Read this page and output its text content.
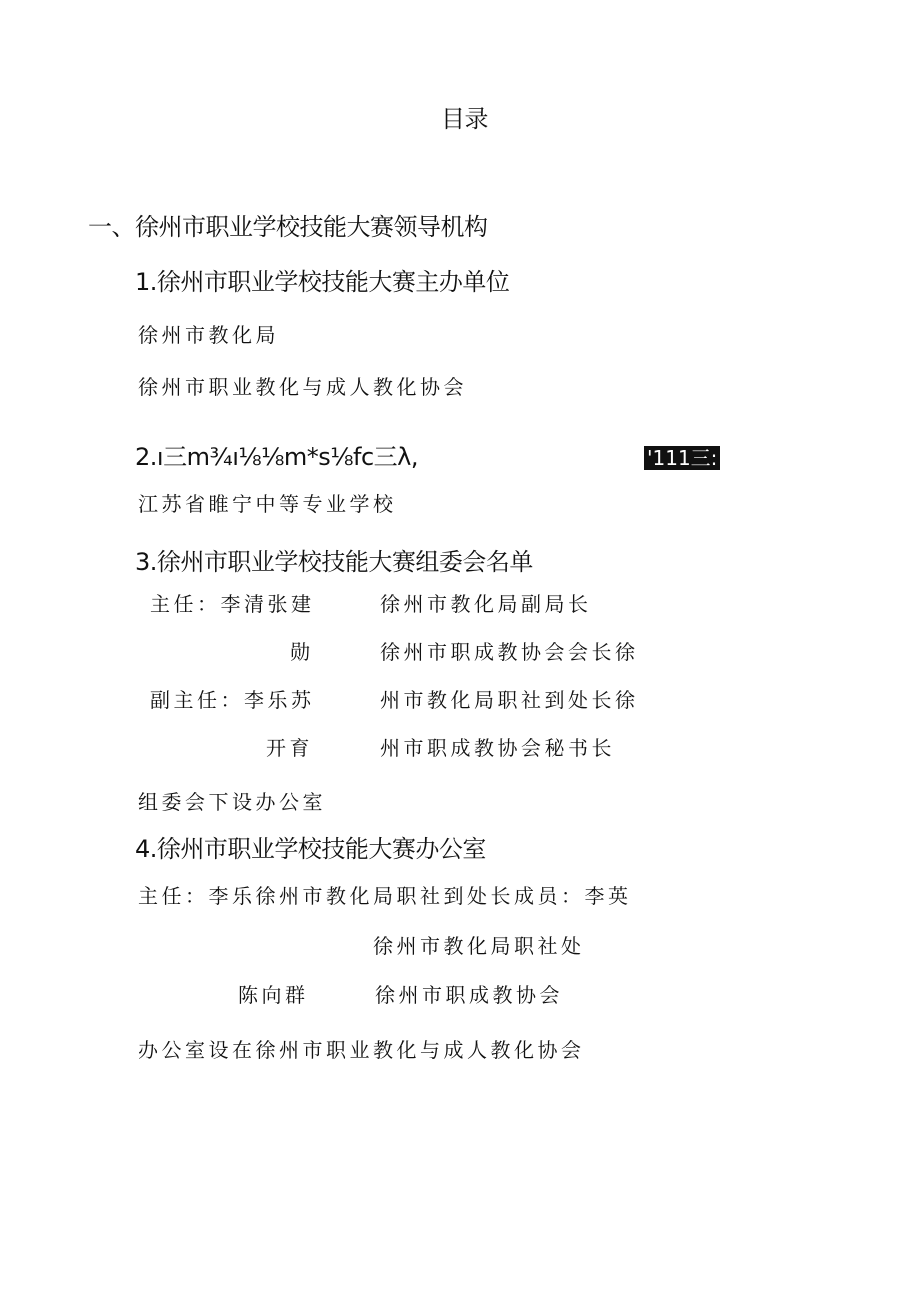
目录
一、徐州市职业学校技能大赛领导机构
1.徐州市职业学校技能大赛主办单位
徐州市教化局
徐州市职业教化与成人教化协会
2.ı三m¾ı⅛⅛m*s⅛fc三λ,	'111三:
江苏省睢宁中等专业学校
3.徐州市职业学校技能大赛组委会名单
主任：李清张建	徐州市教化局副局长
勋	徐州市职成教协会会长徐
副主任：李乐苏	州市教化局职社到处长徐
开育	州市职成教协会秘书长
组委会下设办公室
4.徐州市职业学校技能大赛办公室
主任：李乐徐州市教化局职社到处长成员：李英
徐州市教化局职社处
陈向群	徐州市职成教协会
办公室设在徐州市职业教化与成人教化协会
